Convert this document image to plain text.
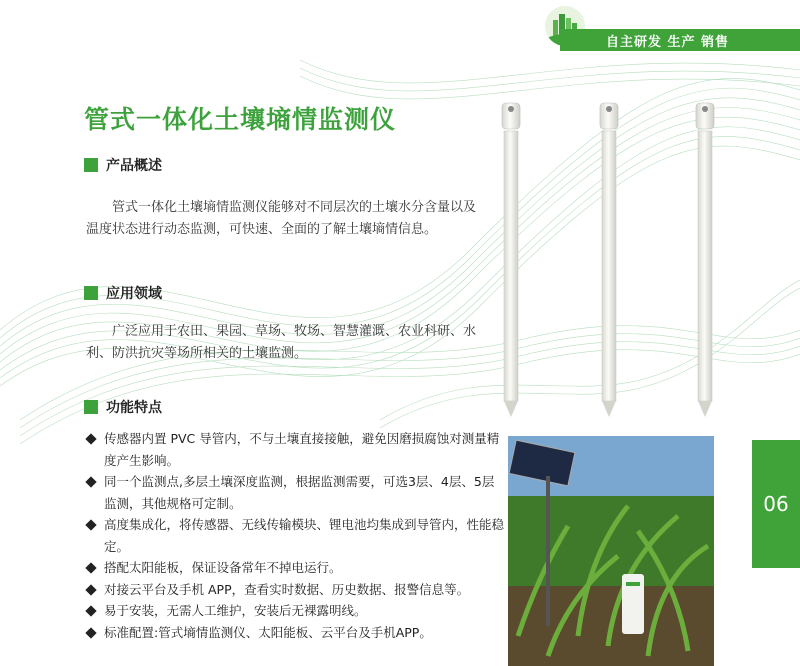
自主研发 生产 销售
管式一体化土壤墒情监测仪
产品概述

管式一体化土壤墒情监测仪能够对不同层次的土壤水分含量以及温度状态进行动态监测，可快速、全面的了解土壤墒情信息。

应用领域

广泛应用于农田、果园、草场、牧场、智慧灌溉、农业科研、水利、防洪抗灾等场所相关的土壤监测。

功能特点
传感器内置 PVC 导管内，不与土壤直接接触，避免因磨损腐蚀对测量精度产生影响。
同一个监测点,多层土壤深度监测，根据监测需要，可选3层、4层、5层监测，其他规格可定制。
高度集成化，将传感器、无线传输模块、锂电池均集成到导管内，性能稳定。
搭配太阳能板，保证设备常年不掉电运行。
对接云平台及手机 APP，查看实时数据、历史数据、报警信息等。
易于安装，无需人工维护，安装后无裸露明线。
标准配置:管式墒情监测仪、太阳能板、云平台及手机APP。
06
